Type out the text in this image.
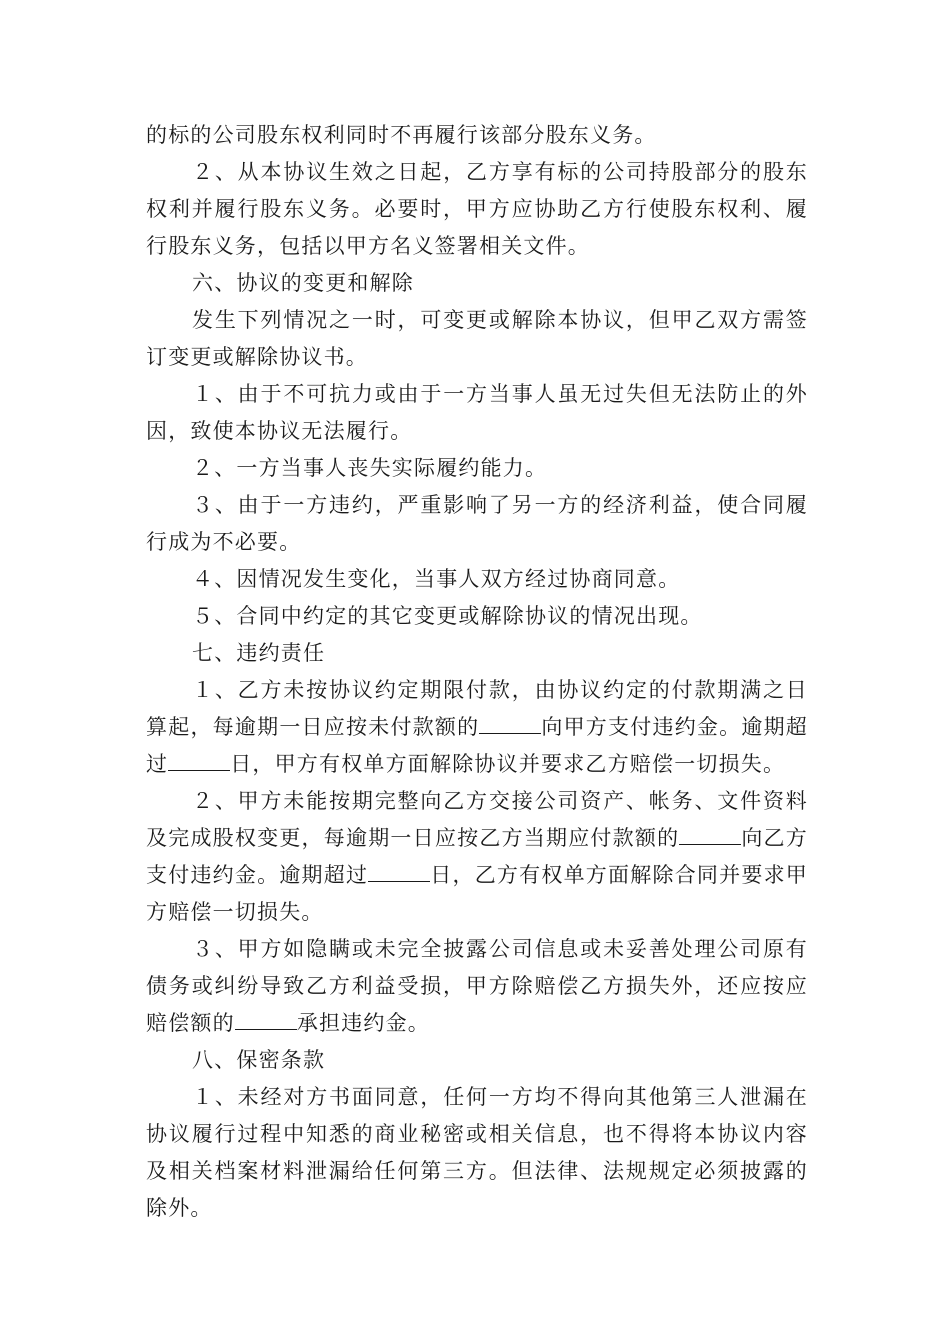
的标的公司股东权利同时不再履行该部分股东义务。

２、从本协议生效之日起，乙方享有标的公司持股部分的股东权利并履行股东义务。必要时，甲方应协助乙方行使股东权利、履行股东义务，包括以甲方名义签署相关文件。

六、协议的变更和解除

发生下列情况之一时，可变更或解除本协议，但甲乙双方需签订变更或解除协议书。

１、由于不可抗力或由于一方当事人虽无过失但无法防止的外因，致使本协议无法履行。

２、一方当事人丧失实际履约能力。

３、由于一方违约，严重影响了另一方的经济利益，使合同履行成为不必要。

４、因情况发生变化，当事人双方经过协商同意。

５、合同中约定的其它变更或解除协议的情况出现。

七、违约责任

１、乙方未按协议约定期限付款，由协议约定的付款期满之日算起，每逾期一日应按未付款额的	向甲方支付违约金。逾期超过	日，甲方有权单方面解除协议并要求乙方赔偿一切损失。

２、甲方未能按期完整向乙方交接公司资产、帐务、文件资料及完成股权变更，每逾期一日应按乙方当期应付款额的	向乙方支付违约金。逾期超过	日，乙方有权单方面解除合同并要求甲方赔偿一切损失。

３、甲方如隐瞒或未完全披露公司信息或未妥善处理公司原有债务或纠纷导致乙方利益受损，甲方除赔偿乙方损失外，还应按应赔偿额的	承担违约金。

八、保密条款

１、未经对方书面同意，任何一方均不得向其他第三人泄漏在协议履行过程中知悉的商业秘密或相关信息，也不得将本协议内容及相关档案材料泄漏给任何第三方。但法律、法规规定必须披露的除外。
